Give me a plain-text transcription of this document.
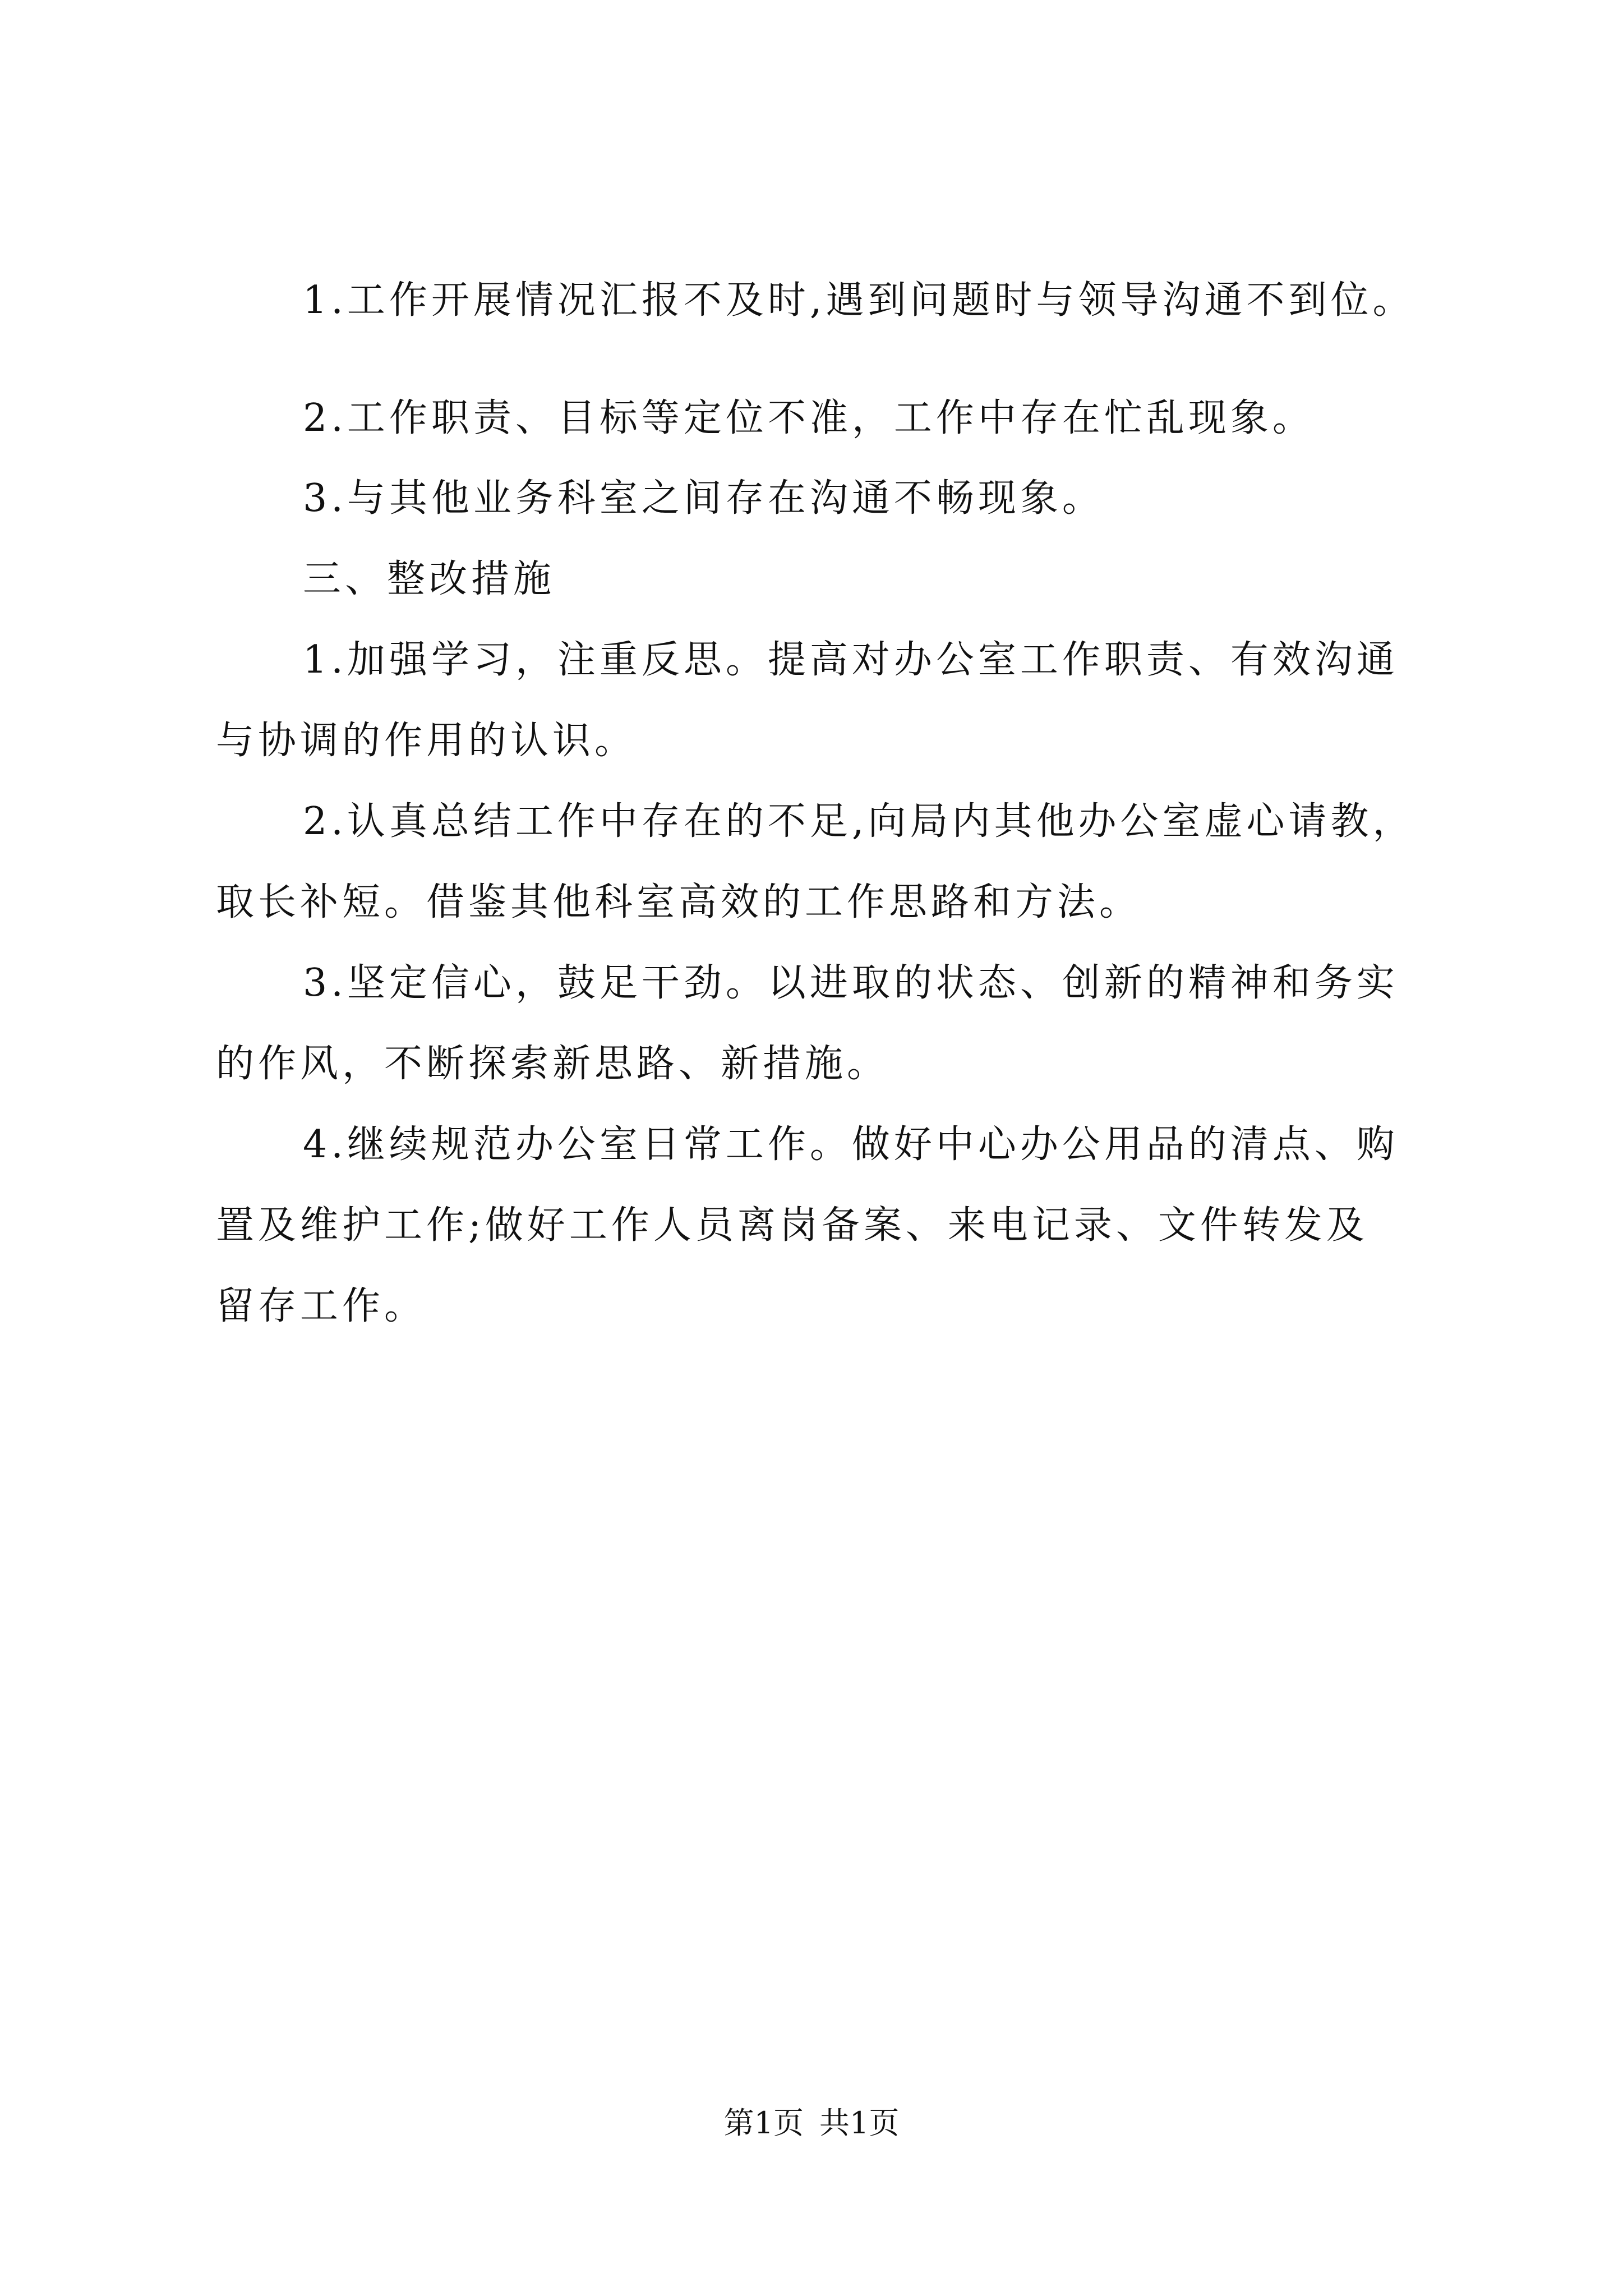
1.工作开展情况汇报不及时,遇到问题时与领导沟通不到位。
2.工作职责、目标等定位不准，工作中存在忙乱现象。
3.与其他业务科室之间存在沟通不畅现象。
三、整改措施
1.加强学习，注重反思。提高对办公室工作职责、有效沟通
与协调的作用的认识。
2.认真总结工作中存在的不足,向局内其他办公室虚心请教，
取长补短。借鉴其他科室高效的工作思路和方法。
3.坚定信心，鼓足干劲。以进取的状态、创新的精神和务实
的作风，不断探索新思路、新措施。
4.继续规范办公室日常工作。做好中心办公用品的清点、购
置及维护工作;做好工作人员离岗备案、来电记录、文件转发及
留存工作。
第1页 共1页
